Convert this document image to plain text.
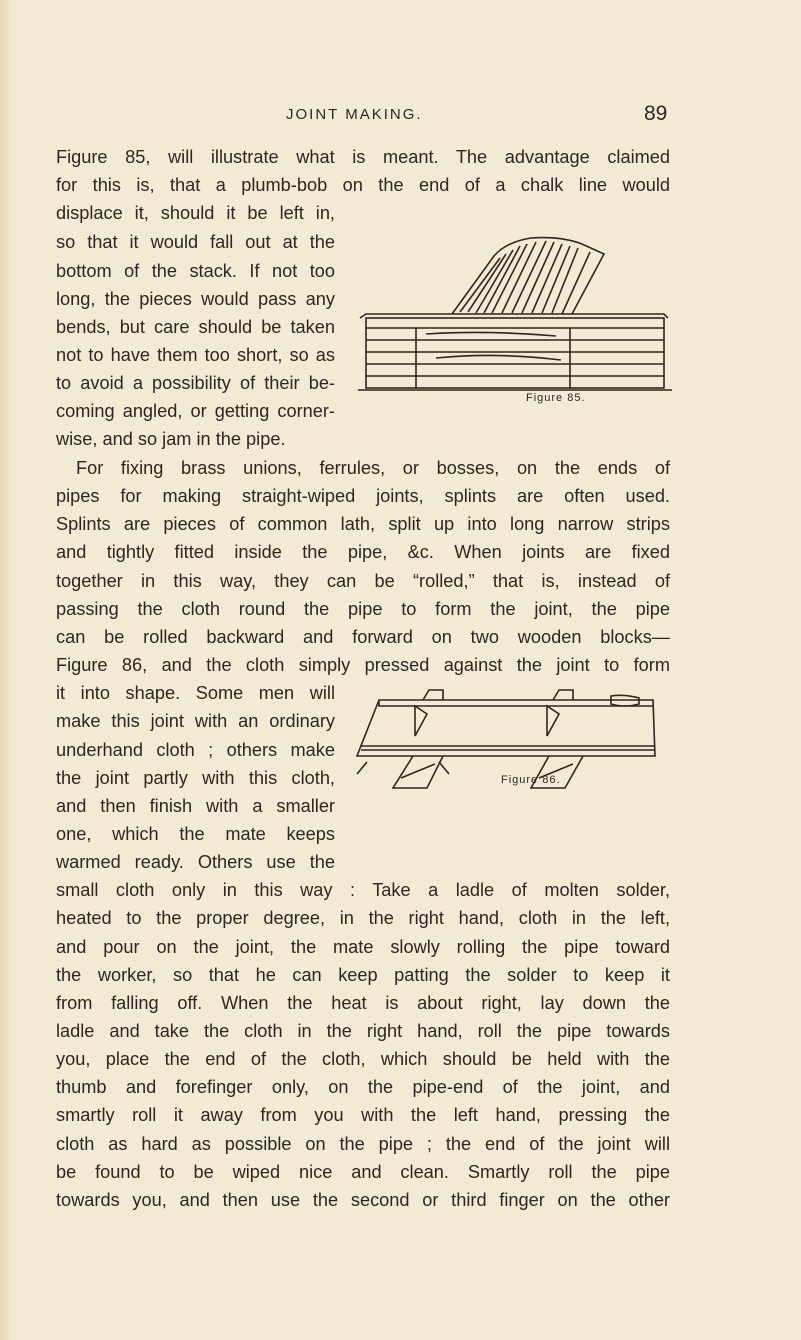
JOINT MAKING.	89
Figure 85, will illustrate what is meant. The advantage claimed
for this is, that a plumb-bob on the end of a chalk line would
displace it, should it be left in,
so that it would fall out at the
bottom of the stack. If not too
long, the pieces would pass any
bends, but care should be taken
not to have them too short, so as
to avoid a possibility of their be-
coming angled, or getting corner-
wise, and so jam in the pipe.
Figure 85.
For fixing brass unions, ferrules, or bosses, on the ends of
pipes for making straight-wiped joints, splints are often used.
Splints are pieces of common lath, split up into long narrow strips
and tightly fitted inside the pipe, &c. When joints are fixed
together in this way, they can be “rolled,” that is, instead of
passing the cloth round the pipe to form the joint, the pipe
can be rolled backward and forward on two wooden blocks—
Figure 86, and the cloth simply pressed against the joint to form
it into shape. Some men will
make this joint with an ordinary
underhand cloth ; others make
the joint partly with this cloth,
and then finish with a smaller
one, which the mate keeps
warmed ready. Others use the
small cloth only in this way : Take a ladle of molten solder,
heated to the proper degree, in the right hand, cloth in the left,
and pour on the joint, the mate slowly rolling the pipe toward
the worker, so that he can keep patting the solder to keep it
from falling off. When the heat is about right, lay down the
ladle and take the cloth in the right hand, roll the pipe towards
you, place the end of the cloth, which should be held with the
thumb and forefinger only, on the pipe-end of the joint, and
smartly roll it away from you with the left hand, pressing the
cloth as hard as possible on the pipe ; the end of the joint will
be found to be wiped nice and clean. Smartly roll the pipe
towards you, and then use the second or third finger on the other
Figure 86.
